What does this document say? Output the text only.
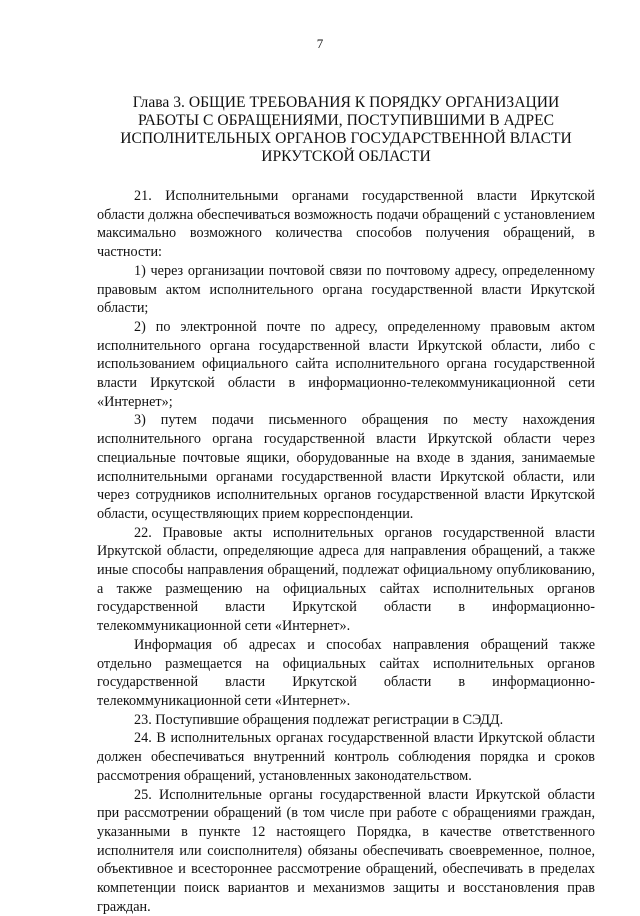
7
Глава 3. ОБЩИЕ ТРЕБОВАНИЯ К ПОРЯДКУ ОРГАНИЗАЦИИ
РАБОТЫ С ОБРАЩЕНИЯМИ, ПОСТУПИВШИМИ В АДРЕС
ИСПОЛНИТЕЛЬНЫХ ОРГАНОВ ГОСУДАРСТВЕННОЙ ВЛАСТИ
ИРКУТСКОЙ ОБЛАСТИ

21. Исполнительными органами государственной власти Иркутской области должна обеспечиваться возможность подачи обращений с установлением максимально возможного количества способов получения обращений, в частности:

1) через организации почтовой связи по почтовому адресу, определенному правовым актом исполнительного органа государственной власти Иркутской области;

2) по электронной почте по адресу, определенному правовым актом исполнительного органа государственной власти Иркутской области, либо с использованием официального сайта исполнительного органа государственной власти Иркутской области в информационно-телекоммуникационной сети «Интернет»;

3) путем подачи письменного обращения по месту нахождения исполнительного органа государственной власти Иркутской области через специальные почтовые ящики, оборудованные на входе в здания, занимаемые исполнительными органами государственной власти Иркутской области, или через сотрудников исполнительных органов государственной власти Иркутской области, осуществляющих прием корреспонденции.

22. Правовые акты исполнительных органов государственной власти Иркутской области, определяющие адреса для направления обращений, а также иные способы направления обращений, подлежат официальному опубликованию, а также размещению на официальных сайтах исполнительных органов государственной власти Иркутской области в информационно-телекоммуникационной сети «Интернет».

Информация об адресах и способах направления обращений также отдельно размещается на официальных сайтах исполнительных органов государственной власти Иркутской области в информационно-телекоммуникационной сети «Интернет».

23. Поступившие обращения подлежат регистрации в СЭДД.

24. В исполнительных органах государственной власти Иркутской области должен обеспечиваться внутренний контроль соблюдения порядка и сроков рассмотрения обращений, установленных законодательством.

25. Исполнительные органы государственной власти Иркутской области при рассмотрении обращений (в том числе при работе с обращениями граждан, указанными в пункте 12 настоящего Порядка, в качестве ответственного исполнителя или соисполнителя) обязаны обеспечивать своевременное, полное, объективное и всестороннее рассмотрение обращений, обеспечивать в пределах компетенции поиск вариантов и механизмов защиты и восстановления прав граждан.
